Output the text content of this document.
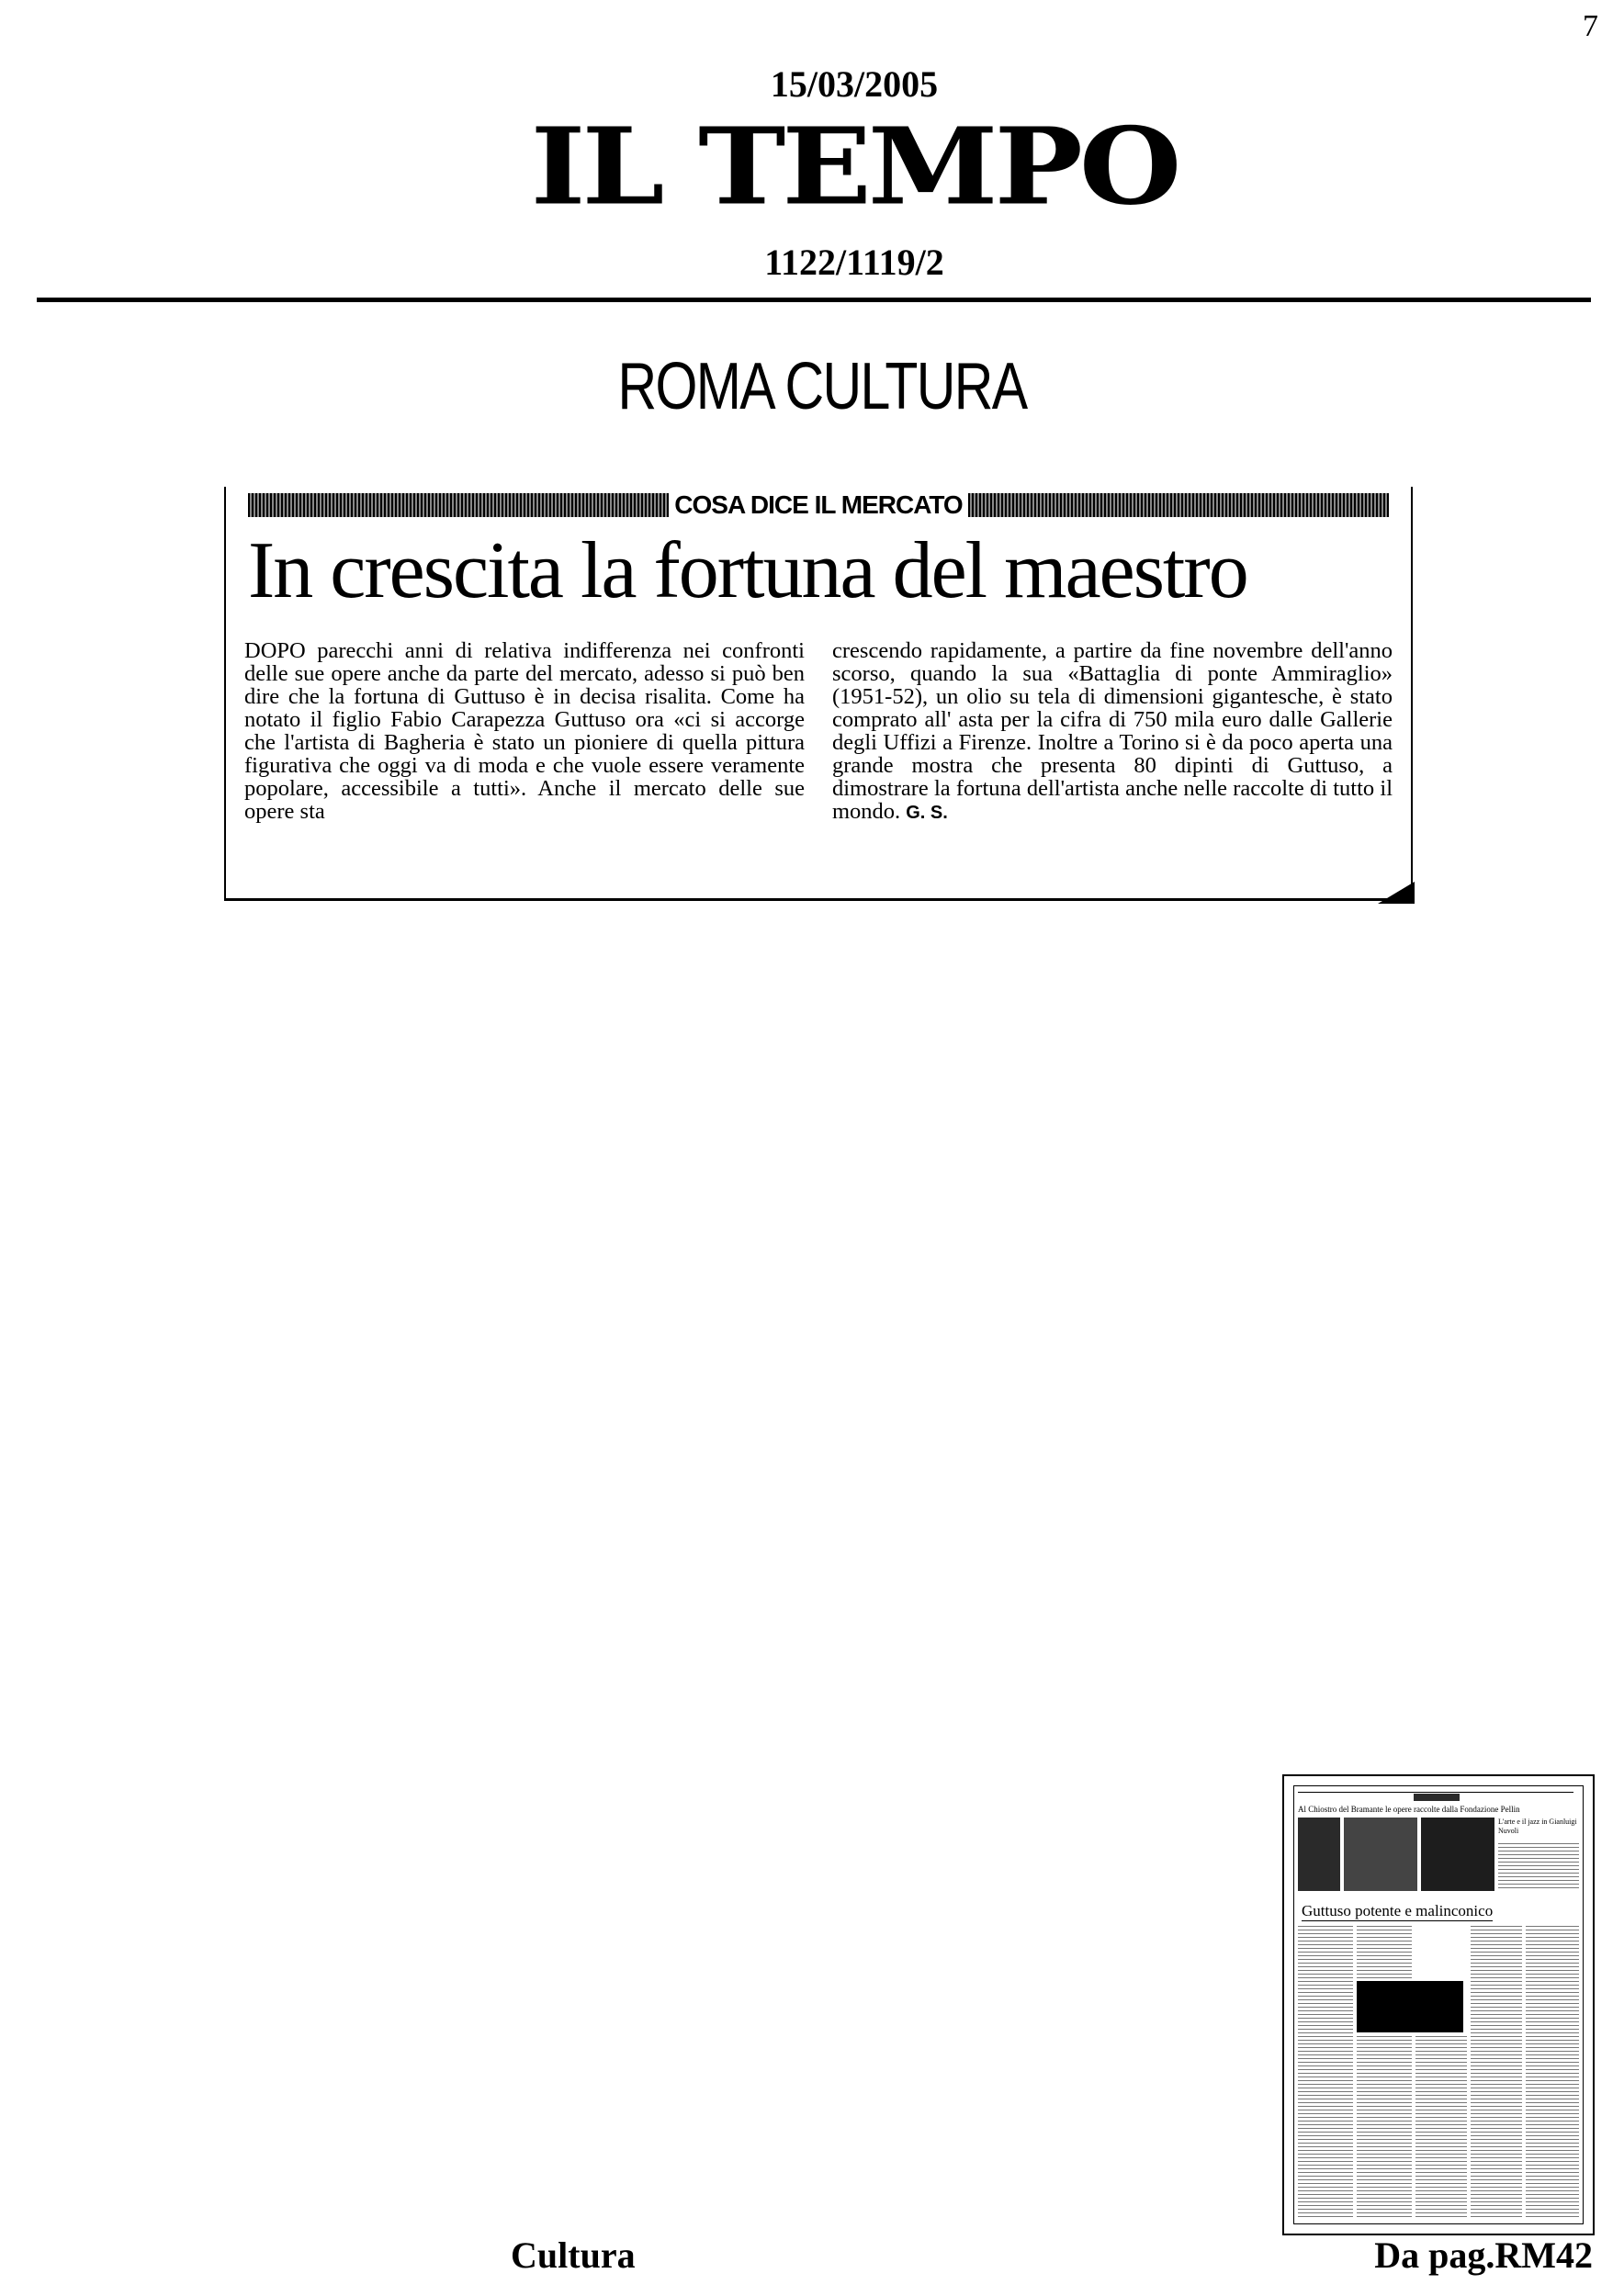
7
15/03/2005
IL TEMPO
1122/1119/2
ROMA CULTURA
COSA DICE IL MERCATO
In crescita la fortuna del maestro

DOPO parecchi anni di relativa indifferenza nei confronti delle sue opere anche da parte del mercato, adesso si può ben dire che la fortuna di Guttuso è in decisa risalita. Come ha notato il figlio Fabio Carapezza Guttuso ora «ci si accorge che l'artista di Bagheria è stato un pioniere di quella pittura figurativa che oggi va di moda e che vuole essere veramente popolare, accessibile a tutti». Anche il mercato delle sue opere sta

crescendo rapidamente, a partire da fine novembre dell'anno scorso, quando la sua «Battaglia di ponte Ammiraglio» (1951-52), un olio su tela di dimensioni gigantesche, è stato comprato all' asta per la cifra di 750 mila euro dalle Gallerie degli Uffizi a Firenze. Inoltre a Torino si è da poco aperta una grande mostra che presenta 80 dipinti di Guttuso, a dimostrare la fortuna dell'artista anche nelle raccolte di tutto il mondo. G. S.

Al Chiostro del Bramante le opere raccolte dalla Fondazione Pellin
L'arte e il jazz in Gianluigi Nuvoli
Guttuso potente e malinconico
Cultura	Da pag.RM42
